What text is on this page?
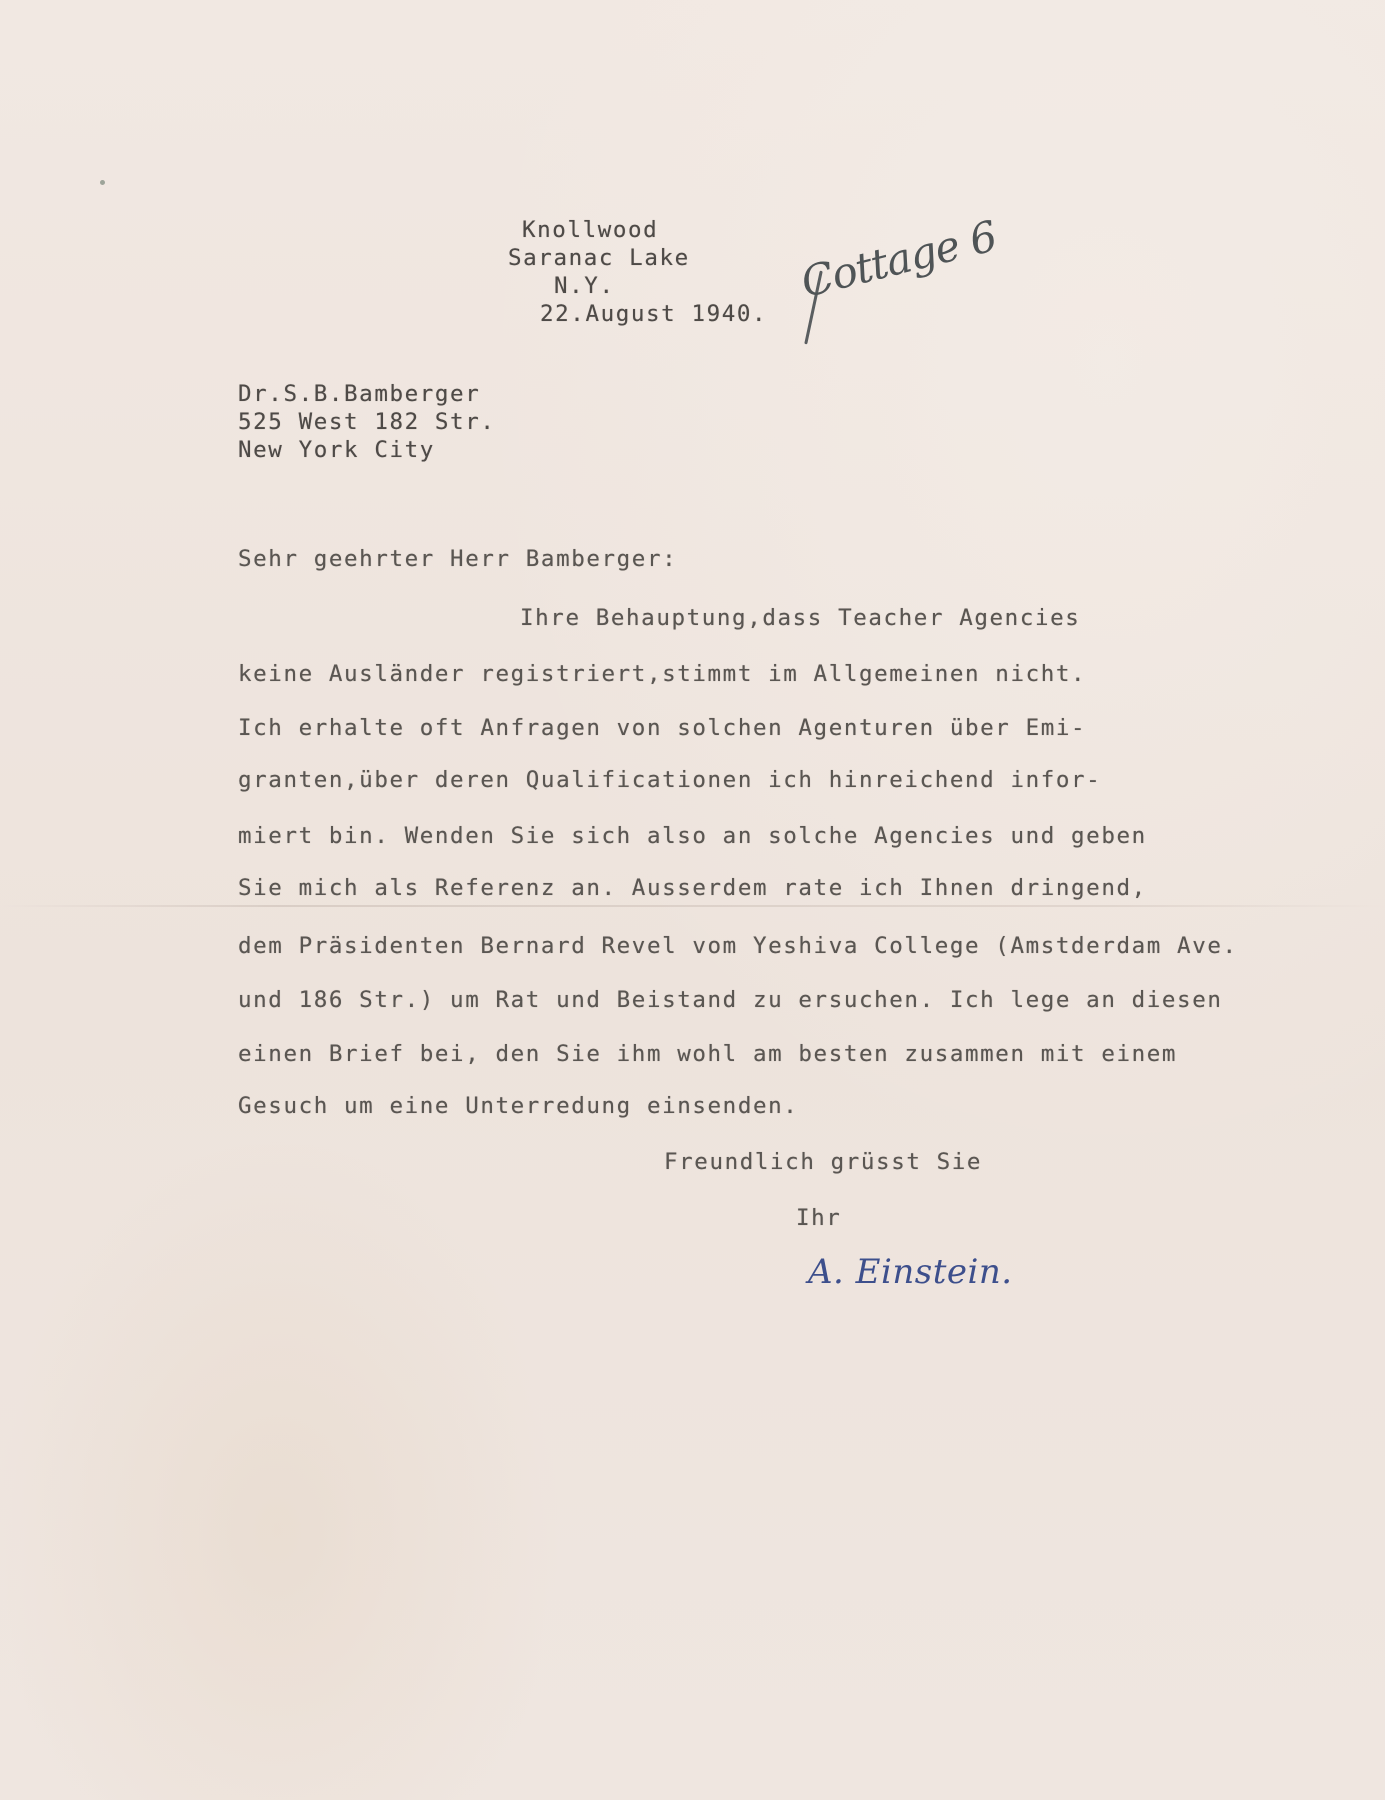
Knollwood
Saranac Lake
N.Y.
22.August 1940.
Cottage 6
Dr.S.B.Bamberger
525 West 182 Str.
New York City
Sehr geehrter Herr Bamberger:
Ihre Behauptung,dass Teacher Agencies
keine Ausländer registriert,stimmt im Allgemeinen nicht.
Ich erhalte oft Anfragen von solchen Agenturen über Emi-
granten,über deren Qualificationen ich hinreichend infor-
miert bin. Wenden Sie sich also an solche Agencies und geben
Sie mich als Referenz an. Ausserdem rate ich Ihnen dringend,
dem Präsidenten Bernard Revel vom Yeshiva College (Amstderdam Ave.
und 186 Str.) um Rat und Beistand zu ersuchen. Ich lege an diesen
einen Brief bei, den Sie ihm wohl am besten zusammen mit einem
Gesuch um eine Unterredung einsenden.
Freundlich grüsst Sie
Ihr
A. Einstein.
